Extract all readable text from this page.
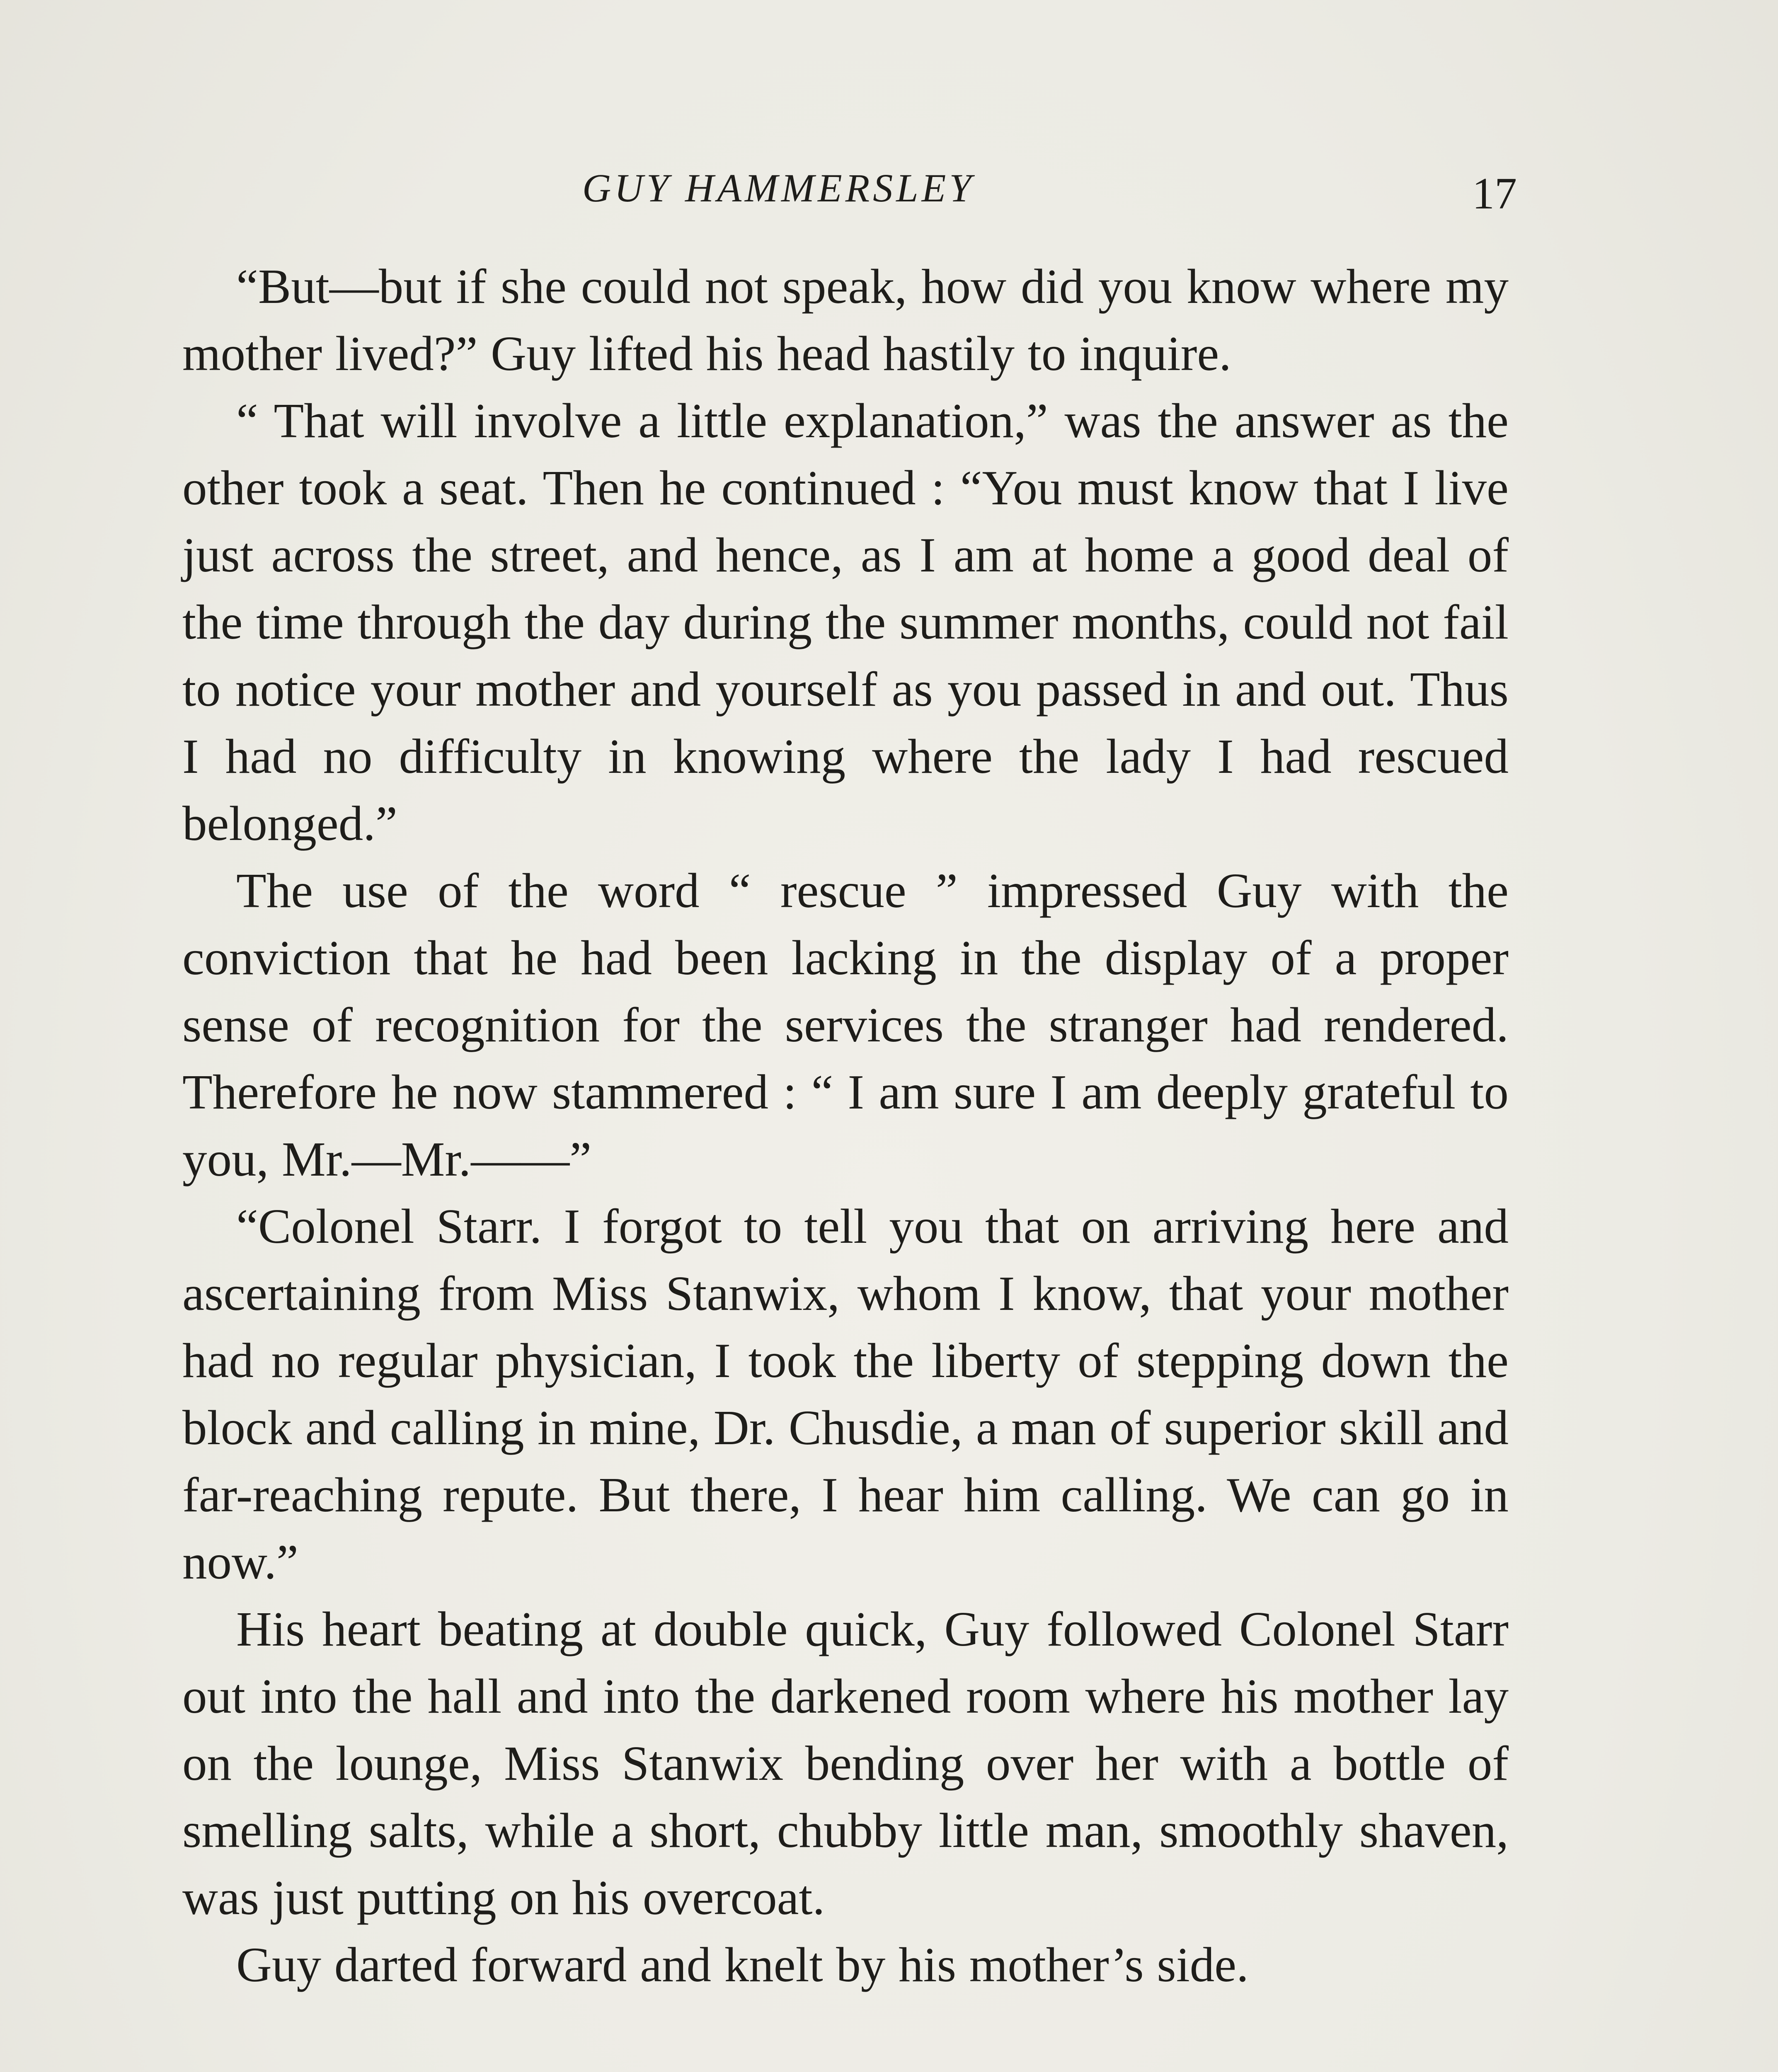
GUY HAMMERSLEY	17

“But—but if she could not speak, how did you know where my mother lived?” Guy lifted his head hastily to inquire.

“ That will involve a little explanation,” was the answer as the other took a seat. Then he continued : “You must know that I live just across the street, and hence, as I am at home a good deal of the time through the day during the summer months, could not fail to notice your mother and yourself as you passed in and out. Thus I had no difficulty in knowing where the lady I had rescued belonged.”

The use of the word “ rescue ” impressed Guy with the conviction that he had been lacking in the display of a proper sense of recognition for the services the stranger had rendered. Therefore he now stammered : “ I am sure I am deeply grateful to you, Mr.—Mr.——”

“Colonel Starr. I forgot to tell you that on arriving here and ascertaining from Miss Stanwix, whom I know, that your mother had no regular physician, I took the liberty of stepping down the block and calling in mine, Dr. Chusdie, a man of superior skill and far-reaching repute. But there, I hear him calling. We can go in now.”

His heart beating at double quick, Guy followed Colonel Starr out into the hall and into the darkened room where his mother lay on the lounge, Miss Stanwix bending over her with a bottle of smelling salts, while a short, chubby little man, smoothly shaven, was just putting on his overcoat.

Guy darted forward and knelt by his mother’s side.
